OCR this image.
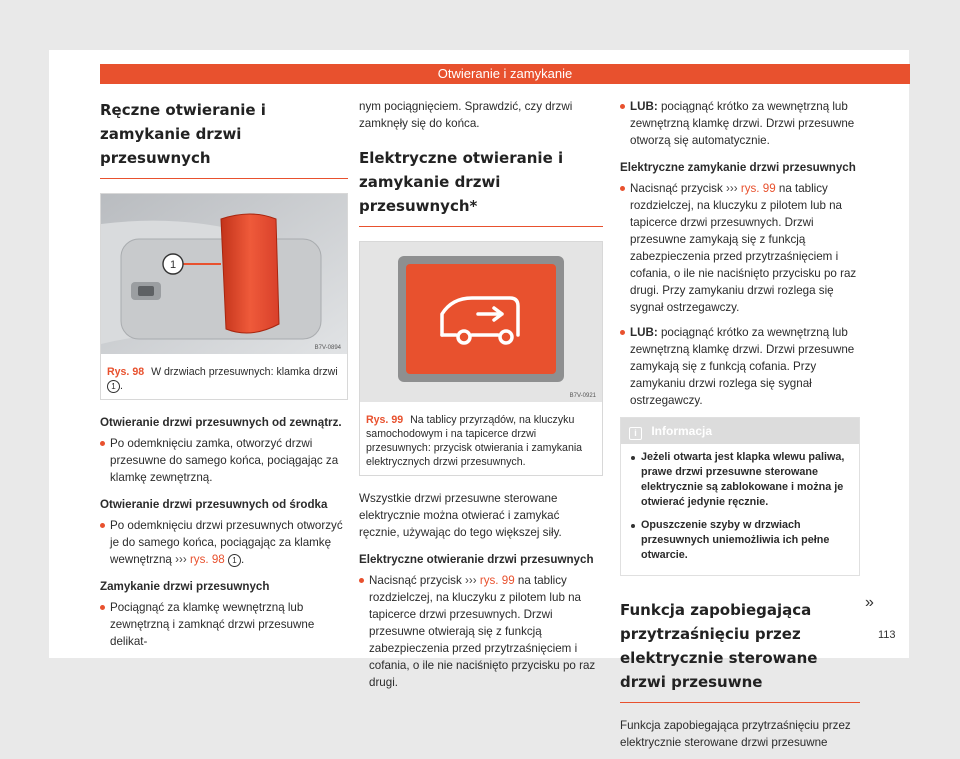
Otwieranie i zamykanie
Ręczne otwieranie i zamykanie drzwi przesuwnych
1
B7V-0894
Rys. 98 W drzwiach przesuwnych: klamka drzwi 1 .
Otwieranie drzwi przesuwnych od zewnątrz.
Po odemknięciu zamka, otworzyć drzwi przesuwne do samego końca, pociągając za klamkę zewnętrzną.
Otwieranie drzwi przesuwnych od środka
Po odemknięciu drzwi przesuwnych otworzyć je do samego końca, pociągając za klamkę wewnętrzną ››› rys. 98 1 .
Zamykanie drzwi przesuwnych
Pociągnąć za klamkę wewnętrzną lub zewnętrzną i zamknąć drzwi przesuwne delikat-

nym pociągnięciem. Sprawdzić, czy drzwi zamknęły się do końca.

Elektryczne otwieranie i zamykanie drzwi przesuwnych*
B7V-0921
Rys. 99 Na tablicy przyrządów, na kluczyku samochodowym i na tapicerce drzwi przesuwnych: przycisk otwierania i zamykania elektrycznych drzwi przesuwnych.

Wszystkie drzwi przesuwne sterowane elektrycznie można otwierać i zamykać ręcznie, używając do tego większej siły.

Elektryczne otwieranie drzwi przesuwnych
Nacisnąć przycisk ››› rys. 99 na tablicy rozdzielczej, na kluczyku z pilotem lub na tapicerce drzwi przesuwnych. Drzwi przesuwne otwierają się z funkcją zabezpieczenia przed przytrzaśnięciem i cofania, o ile nie naciśnięto przycisku po raz drugi.
LUB: pociągnąć krótko za wewnętrzną lub zewnętrzną klamkę drzwi. Drzwi przesuwne otworzą się automatycznie.
Elektryczne zamykanie drzwi przesuwnych
Nacisnąć przycisk ››› rys. 99 na tablicy rozdzielczej, na kluczyku z pilotem lub na tapicerce drzwi przesuwnych. Drzwi przesuwne zamykają się z funkcją zabezpieczenia przed przytrzaśnięciem i cofania, o ile nie naciśnięto przycisku po raz drugi. Przy zamykaniu drzwi rozlega się sygnał ostrzegawczy.
LUB: pociągnąć krótko za wewnętrzną lub zewnętrzną klamkę drzwi. Drzwi przesuwne zamykają się z funkcją cofania. Przy zamykaniu drzwi rozlega się sygnał ostrzegawczy.
i Informacja
Jeżeli otwarta jest klapka wlewu paliwa, prawe drzwi przesuwne sterowane elektrycznie są zablokowane i można je otwierać jedynie ręcznie.
Opuszczenie szyby w drzwiach przesuwnych uniemożliwia ich pełne otwarcie.
Funkcja zapobiegająca przytrzaśnięciu przez elektrycznie sterowane drzwi przesuwne

Funkcja zapobiegająca przytrzaśnięciu przez elektrycznie sterowane drzwi przesuwne

»
113
